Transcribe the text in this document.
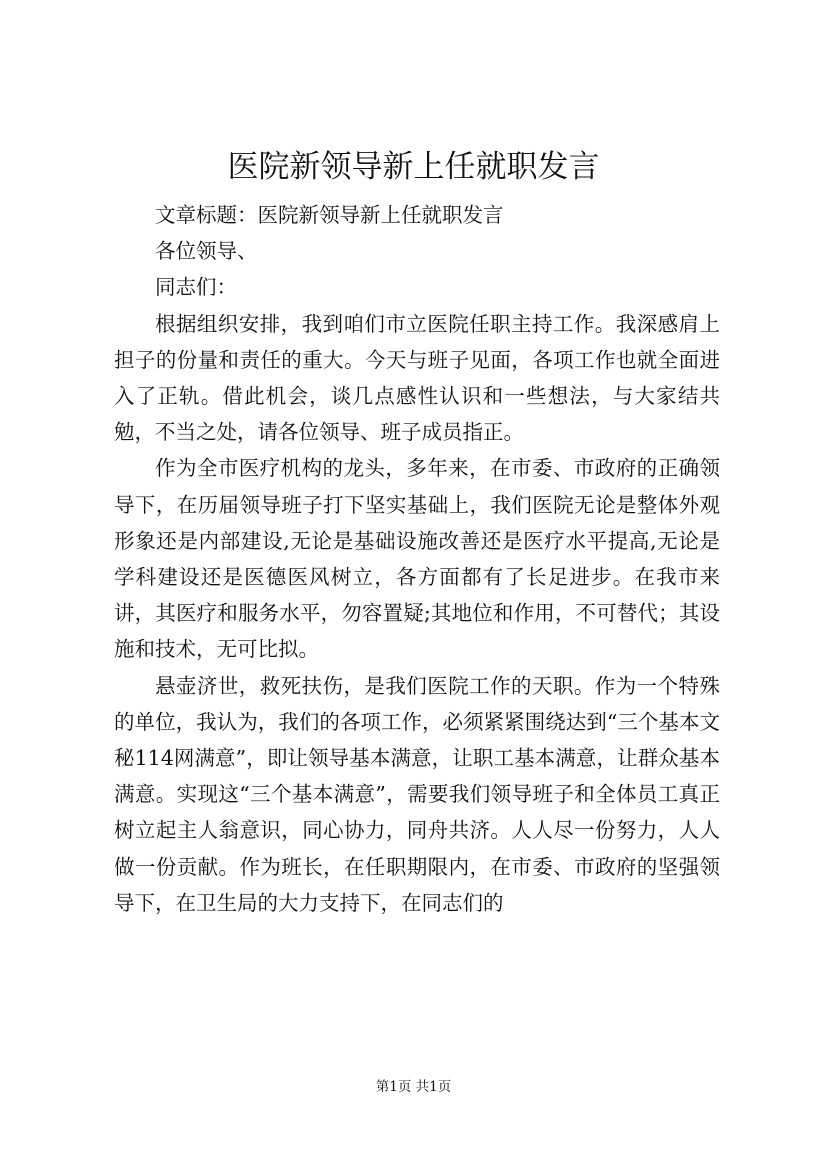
医院新领导新上任就职发言

文章标题：医院新领导新上任就职发言

各位领导、

同志们：

根据组织安排，我到咱们市立医院任职主持工作。我深感肩上担子的份量和责任的重大。今天与班子见面，各项工作也就全面进入了正轨。借此机会，谈几点感性认识和一些想法，与大家结共勉，不当之处，请各位领导、班子成员指正。

作为全市医疗机构的龙头，多年来，在市委、市政府的正确领导下，在历届领导班子打下坚实基础上，我们医院无论是整体外观形象还是内部建设,无论是基础设施改善还是医疗水平提高,无论是学科建设还是医德医风树立，各方面都有了长足进步。在我市来讲，其医疗和服务水平，勿容置疑;其地位和作用，不可替代；其设施和技术，无可比拟。

悬壶济世，救死扶伤，是我们医院工作的天职。作为一个特殊的单位，我认为，我们的各项工作，必须紧紧围绕达到“三个基本文秘114网满意”，即让领导基本满意，让职工基本满意，让群众基本满意。实现这“三个基本满意”，需要我们领导班子和全体员工真正树立起主人翁意识，同心协力，同舟共济。人人尽一份努力，人人做一份贡献。作为班长，在任职期限内，在市委、市政府的坚强领导下，在卫生局的大力支持下，在同志们的

第1页 共1页
